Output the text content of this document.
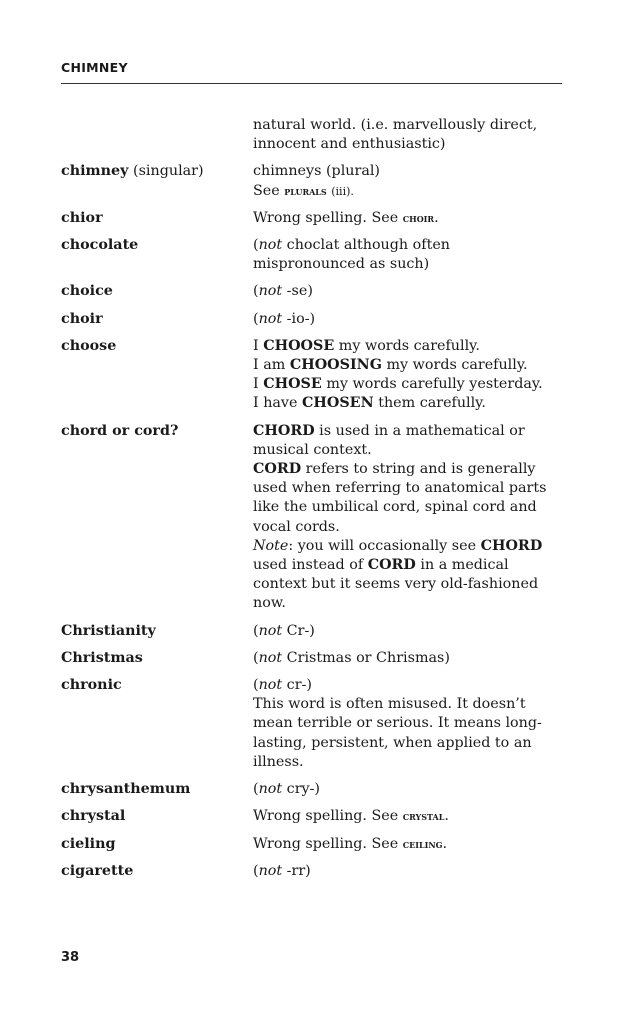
CHIMNEY
natural world. (i.e. marvellously direct,
innocent and enthusiastic)
chimney (singular)	chimneys (plural)
See plurals (iii).
chior	Wrong spelling. See choir.
chocolate	(not choclat although often
mispronounced as such)
choice	(not -se)
choir	(not -io-)
choose	I CHOOSE my words carefully.
I am CHOOSING my words carefully.
I CHOSE my words carefully yesterday.
I have CHOSEN them carefully.
chord or cord?	CHORD is used in a mathematical or
musical context.
CORD refers to string and is generally
used when referring to anatomical parts
like the umbilical cord, spinal cord and
vocal cords.
Note: you will occasionally see CHORD
used instead of CORD in a medical
context but it seems very old-fashioned
now.
Christianity	(not Cr-)
Christmas	(not Cristmas or Chrismas)
chronic	(not cr-)
This word is often misused. It doesn’t
mean terrible or serious. It means long-
lasting, persistent, when applied to an
illness.
chrysanthemum	(not cry-)
chrystal	Wrong spelling. See crystal.
cieling	Wrong spelling. See ceiling.
cigarette	(not -rr)
38
